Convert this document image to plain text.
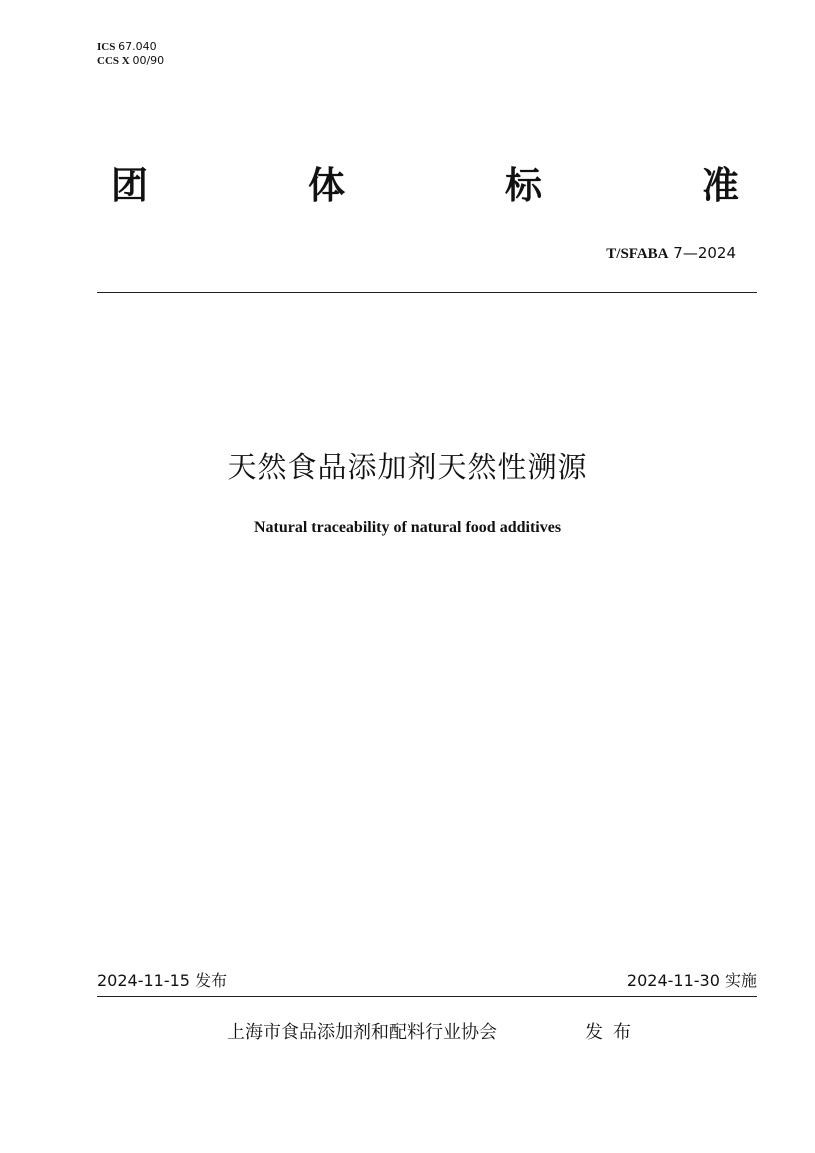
ICS 67.040
CCS X 00/90
团	体	标	准
T/SFABA 7—2024
天然食品添加剂天然性溯源
Natural traceability of natural food additives
2024-11-15 发布	2024-11-30 实施
上海市食品添加剂和配料行业协会	发布
